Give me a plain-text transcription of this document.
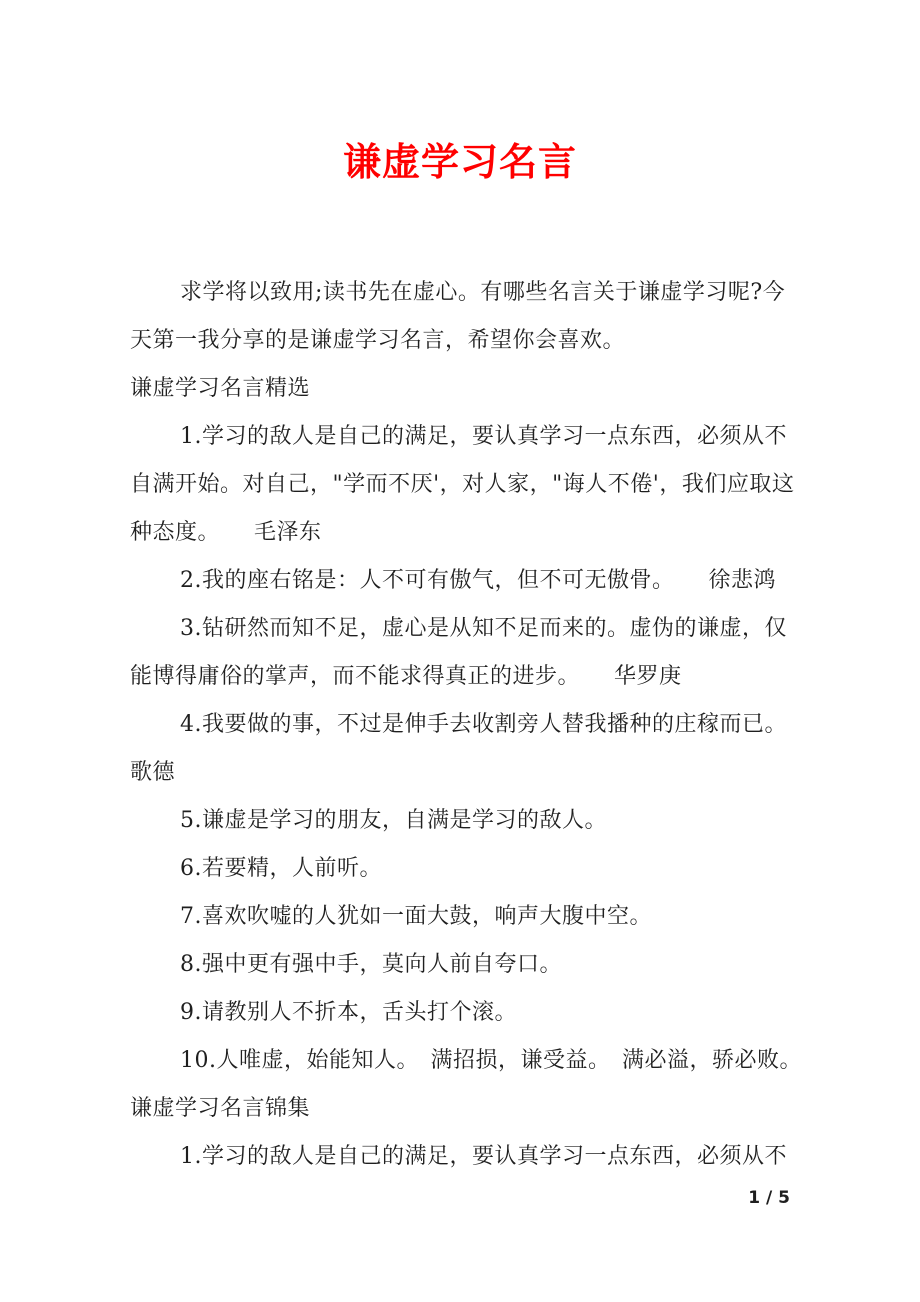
谦虚学习名言
求学将以致用;读书先在虚心。有哪些名言关于谦虚学习呢?今
天第一我分享的是谦虚学习名言，希望你会喜欢。
谦虚学习名言精选
1.学习的敌人是自己的满足，要认真学习一点东西，必须从不
自满开始。对自己，"学而不厌'，对人家，"诲人不倦'，我们应取这
种态度。　　毛泽东
2.我的座右铭是：人不可有傲气，但不可无傲骨。　　徐悲鸿
3.钻研然而知不足，虚心是从知不足而来的。虚伪的谦虚，仅
能博得庸俗的掌声，而不能求得真正的进步。　　华罗庚
4.我要做的事，不过是伸手去收割旁人替我播种的庄稼而已。
歌德
5.谦虚是学习的朋友，自满是学习的敌人。
6.若要精，人前听。
7.喜欢吹嘘的人犹如一面大鼓，响声大腹中空。
8.强中更有强中手，莫向人前自夸口。
9.请教别人不折本，舌头打个滚。
10.人唯虚，始能知人。　满招损，谦受益。　满必溢，骄必败。
谦虚学习名言锦集
1.学习的敌人是自己的满足，要认真学习一点东西，必须从不
1 / 5
